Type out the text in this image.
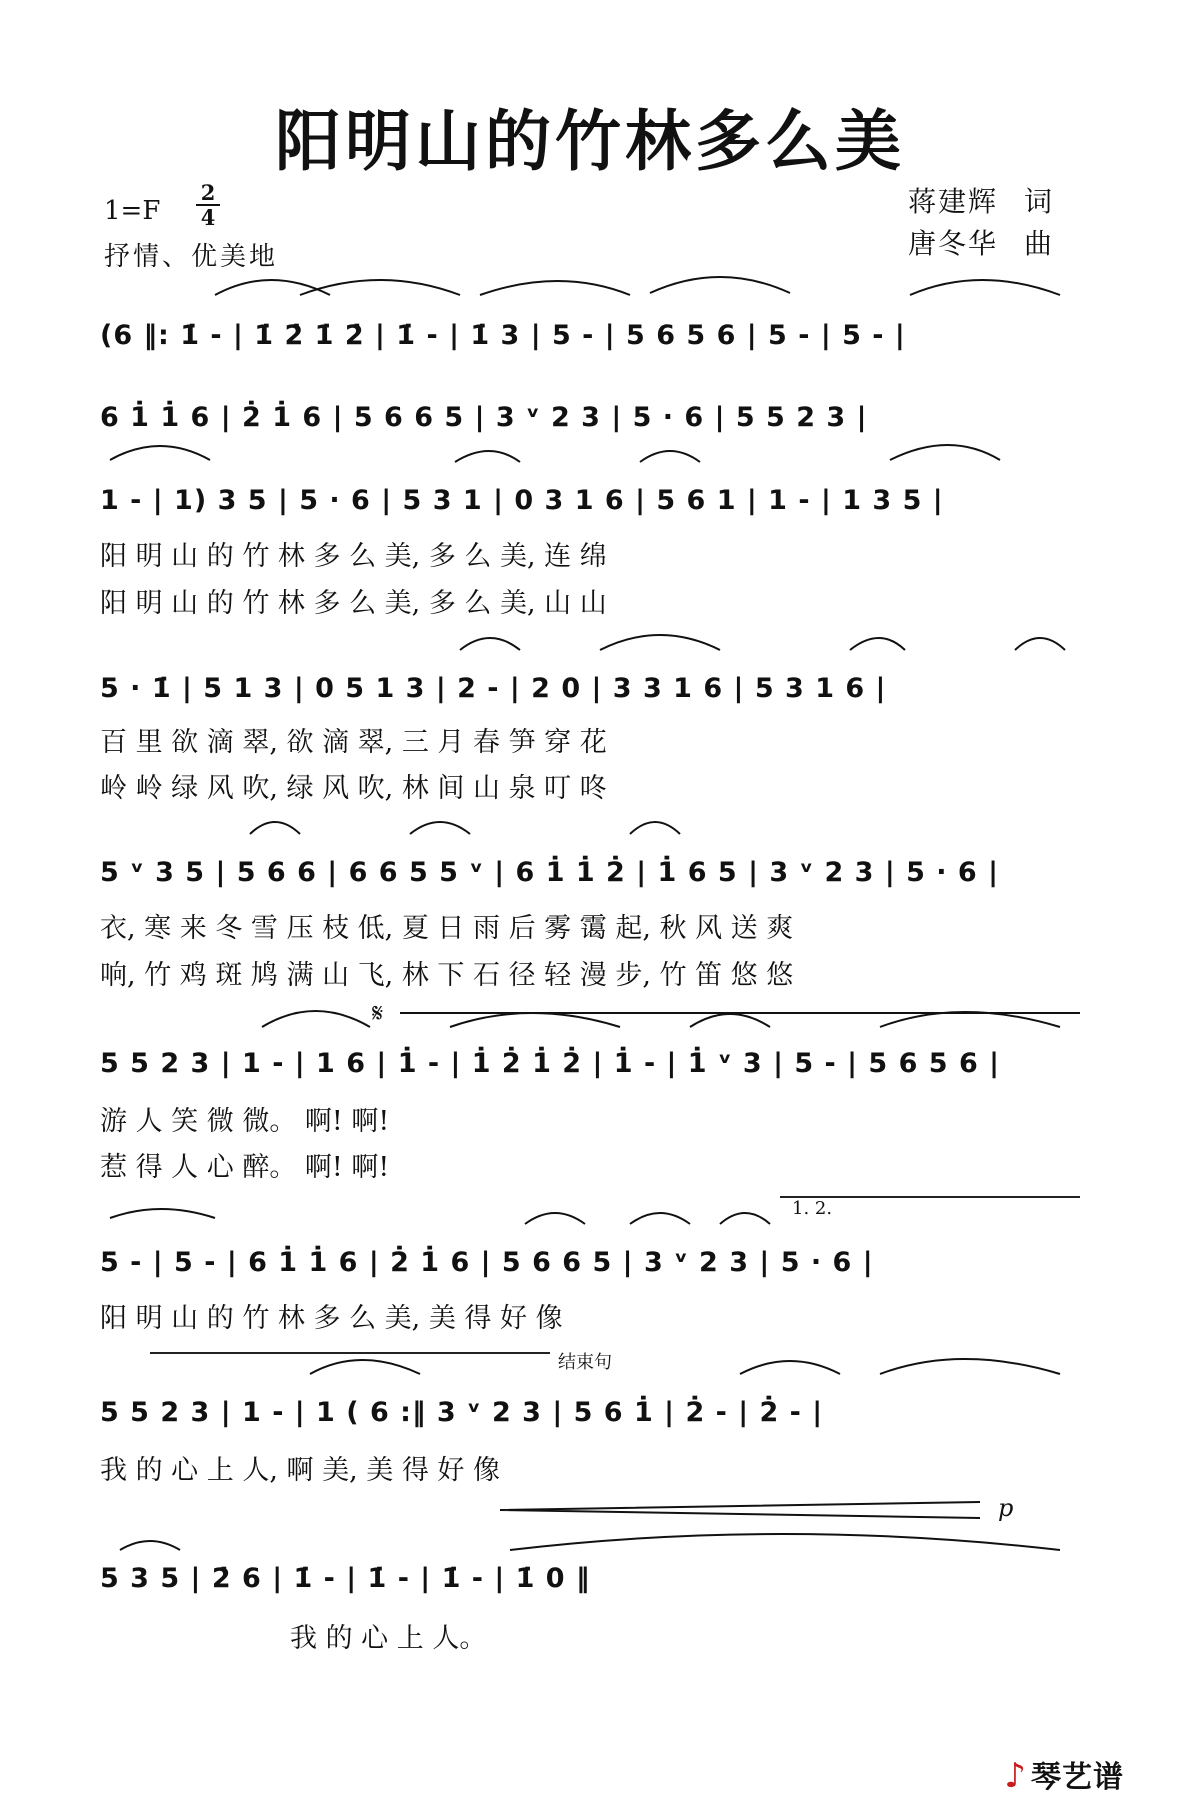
阳明山的竹林多么美
1=F
2
4
抒情、优美地
蒋建辉 词
唐冬华 曲
(6 ‖: 1̇ - | 1̇ 2̇ 1̇ 2̇ | 1̇ - | 1̇ 3 | 5 - | 5 6 5 6 | 5 - | 5 - |
6 1̇ 1̇ 6 | 2̇ 1̇ 6 | 5 6 6 5 | 3 ᵛ 2 3 | 5 · 6 | 5 5 2 3 |
1 - | 1) 3 5 | 5 · 6 | 5 3 1 | 0 3 1 6 | 5 6 1 | 1 - | 1 3 5 |
阳 明 山 的 竹 林 多 么 美, 多 么 美, 连 绵
阳 明 山 的 竹 林 多 么 美, 多 么 美, 山 山
5 · 1̇ | 5 1 3 | 0 5 1 3 | 2 - | 2 0 | 3 3 1 6 | 5 3 1 6 |
百 里 欲 滴 翠, 欲 滴 翠, 三 月 春 笋 穿 花
岭 岭 绿 风 吹, 绿 风 吹, 林 间 山 泉 叮 咚
5 ᵛ 3 5 | 5 6 6 | 6 6 5 5 ᵛ | 6 1̇ 1̇ 2̇ | 1̇ 6 5 | 3 ᵛ 2 3 | 5 · 6 |
衣, 寒 来 冬 雪 压 枝 低, 夏 日 雨 后 雾 霭 起, 秋 风 送 爽
响, 竹 鸡 斑 鸠 满 山 飞, 林 下 石 径 轻 漫 步, 竹 笛 悠 悠
𝄋
5 5 2 3 | 1 - | 1 6 | 1̇ - | 1̇ 2̇ 1̇ 2̇ | 1̇ - | 1̇ ᵛ 3 | 5 - | 5 6 5 6 |
游 人 笑 微 微。 啊! 啊!
惹 得 人 心 醉。 啊! 啊!
1. 2.
5 - | 5 - | 6 1̇ 1̇ 6 | 2̇ 1̇ 6 | 5 6 6 5 | 3 ᵛ 2 3 | 5 · 6 |
阳 明 山 的 竹 林 多 么 美, 美 得 好 像
结束句
5 5 2 3 | 1 - | 1 ( 6 :‖ 3 ᵛ 2 3 | 5 6 1̇ | 2̇ - | 2̇ - |
我 的 心 上 人, 啊 美, 美 得 好 像
p
5 3 5 | 2̇ 6 | 1̇ - | 1̇ - | 1̇ - | 1̇ 0 ‖
我 的 心 上 人。
♪ 琴艺谱
